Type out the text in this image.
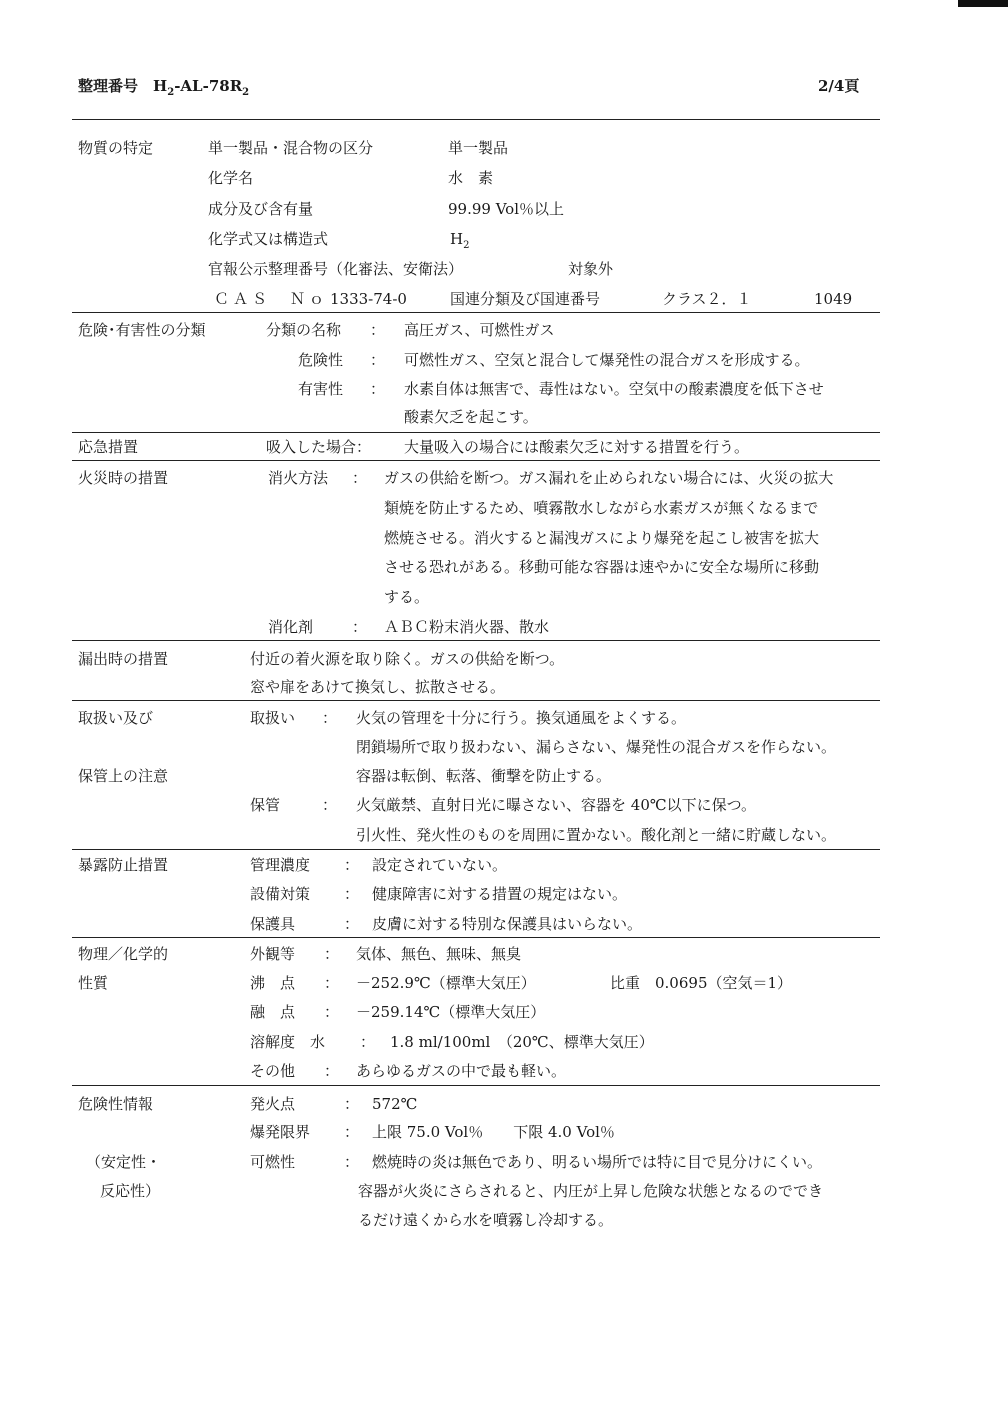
整理番号　 $H_2-AL-78R_2$	2/4頁
物質の特定	単一製品・混合物の区分	単一製品
化学名	水　素
成分及び含有量	99.99 Vol％以上
化学式又は構造式	$H_2$
官報公示整理番号（化審法、安衛法）	対象外
ＣＡＳ　Ｎｏ 1333-74-0	国連分類及び国連番号	クラス２．１	1049
危険･有害性の分類	分類の名称 ： 高圧ガス、可燃性ガス
危険性 ： 可燃性ガス、空気と混合して爆発性の混合ガスを形成する。
有害性 ： 水素自体は無害で、毒性はない。空気中の酸素濃度を低下させ
酸素欠乏を起こす。
応急措置	吸入した場合： 大量吸入の場合には酸素欠乏に対する措置を行う。
火災時の措置	消火方法 ： ガスの供給を断つ。ガス漏れを止められない場合には、火災の拡大
類焼を防止するため、噴霧散水しながら水素ガスが無くなるまで
燃焼させる。消火すると漏洩ガスにより爆発を起こし被害を拡大
させる恐れがある。移動可能な容器は速やかに安全な場所に移動
する。
消化剤	： ＡＢＣ粉末消火器、散水
漏出時の措置	付近の着火源を取り除く。ガスの供給を断つ。
窓や扉をあけて換気し、拡散させる。
取扱い及び
保管上の注意
取扱い ： 火気の管理を十分に行う。換気通風をよくする。
閉鎖場所で取り扱わない、漏らさない、爆発性の混合ガスを作らない。
容器は転倒、転落、衝撃を防止する。
保管	： 火気厳禁、直射日光に曝さない、容器を 40℃以下に保つ。
引火性、発火性のものを周囲に置かない。酸化剤と一緒に貯蔵しない。
暴露防止措置	管理濃度 ： 設定されていない。
設備対策 ： 健康障害に対する措置の規定はない。
保護具	： 皮膚に対する特別な保護具はいらない。
物理／化学的
性質
外観等 ： 気体、無色、無味、無臭
沸　点 ： －252.9℃（標準大気圧）	比重　0.0695（空気＝1）
融　点 ： －259.14℃（標準大気圧）
溶解度　水 ： 1.8 ml/100ml　（20℃、標準大気圧）
その他 ： あらゆるガスの中で最も軽い。
危険性情報
（安定性・
反応性）
発火点	： 572℃
爆発限界 ： 上限 75.0 Vol％　　下限 4.0 Vol％
可燃性	： 燃焼時の炎は無色であり、明るい場所では特に目で見分けにくい。
容器が火炎にさらされると、内圧が上昇し危険な状態となるのででき
るだけ遠くから水を噴霧し冷却する。
